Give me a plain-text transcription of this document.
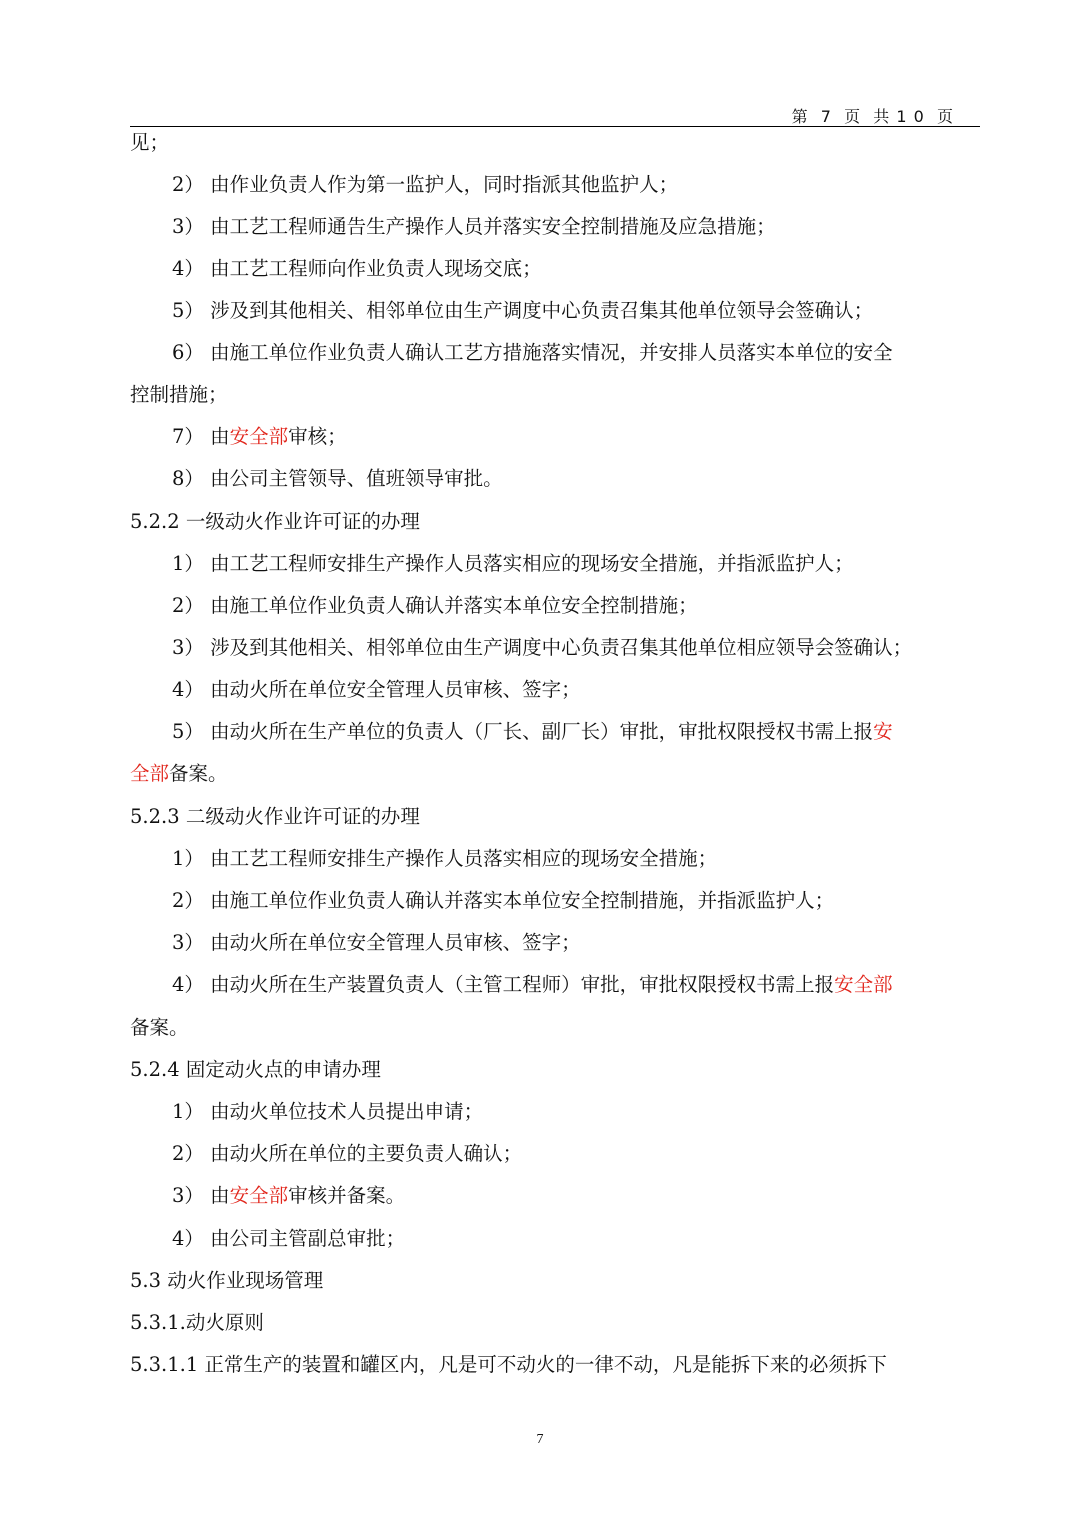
第  7  页  共 1 0  页
见；
2） 由作业负责人作为第一监护人，同时指派其他监护人；
3） 由工艺工程师通告生产操作人员并落实安全控制措施及应急措施；
4） 由工艺工程师向作业负责人现场交底；
5） 涉及到其他相关、相邻单位由生产调度中心负责召集其他单位领导会签确认；
6） 由施工单位作业负责人确认工艺方措施落实情况，并安排人员落实本单位的安全
控制措施；
7） 由安全部审核；
8） 由公司主管领导、值班领导审批。
5.2.2 一级动火作业许可证的办理
1） 由工艺工程师安排生产操作人员落实相应的现场安全措施，并指派监护人；
2） 由施工单位作业负责人确认并落实本单位安全控制措施；
3） 涉及到其他相关、相邻单位由生产调度中心负责召集其他单位相应领导会签确认；
4） 由动火所在单位安全管理人员审核、签字；
5） 由动火所在生产单位的负责人（厂长、副厂长）审批，审批权限授权书需上报安
全部备案。
5.2.3 二级动火作业许可证的办理
1） 由工艺工程师安排生产操作人员落实相应的现场安全措施；
2） 由施工单位作业负责人确认并落实本单位安全控制措施，并指派监护人；
3） 由动火所在单位安全管理人员审核、签字；
4） 由动火所在生产装置负责人（主管工程师）审批，审批权限授权书需上报安全部
备案。
5.2.4 固定动火点的申请办理
1） 由动火单位技术人员提出申请；
2） 由动火所在单位的主要负责人确认；
3） 由安全部审核并备案。
4） 由公司主管副总审批；
5.3 动火作业现场管理
5.3.1.动火原则
5.3.1.1 正常生产的装置和罐区内，凡是可不动火的一律不动，凡是能拆下来的必须拆下
7
